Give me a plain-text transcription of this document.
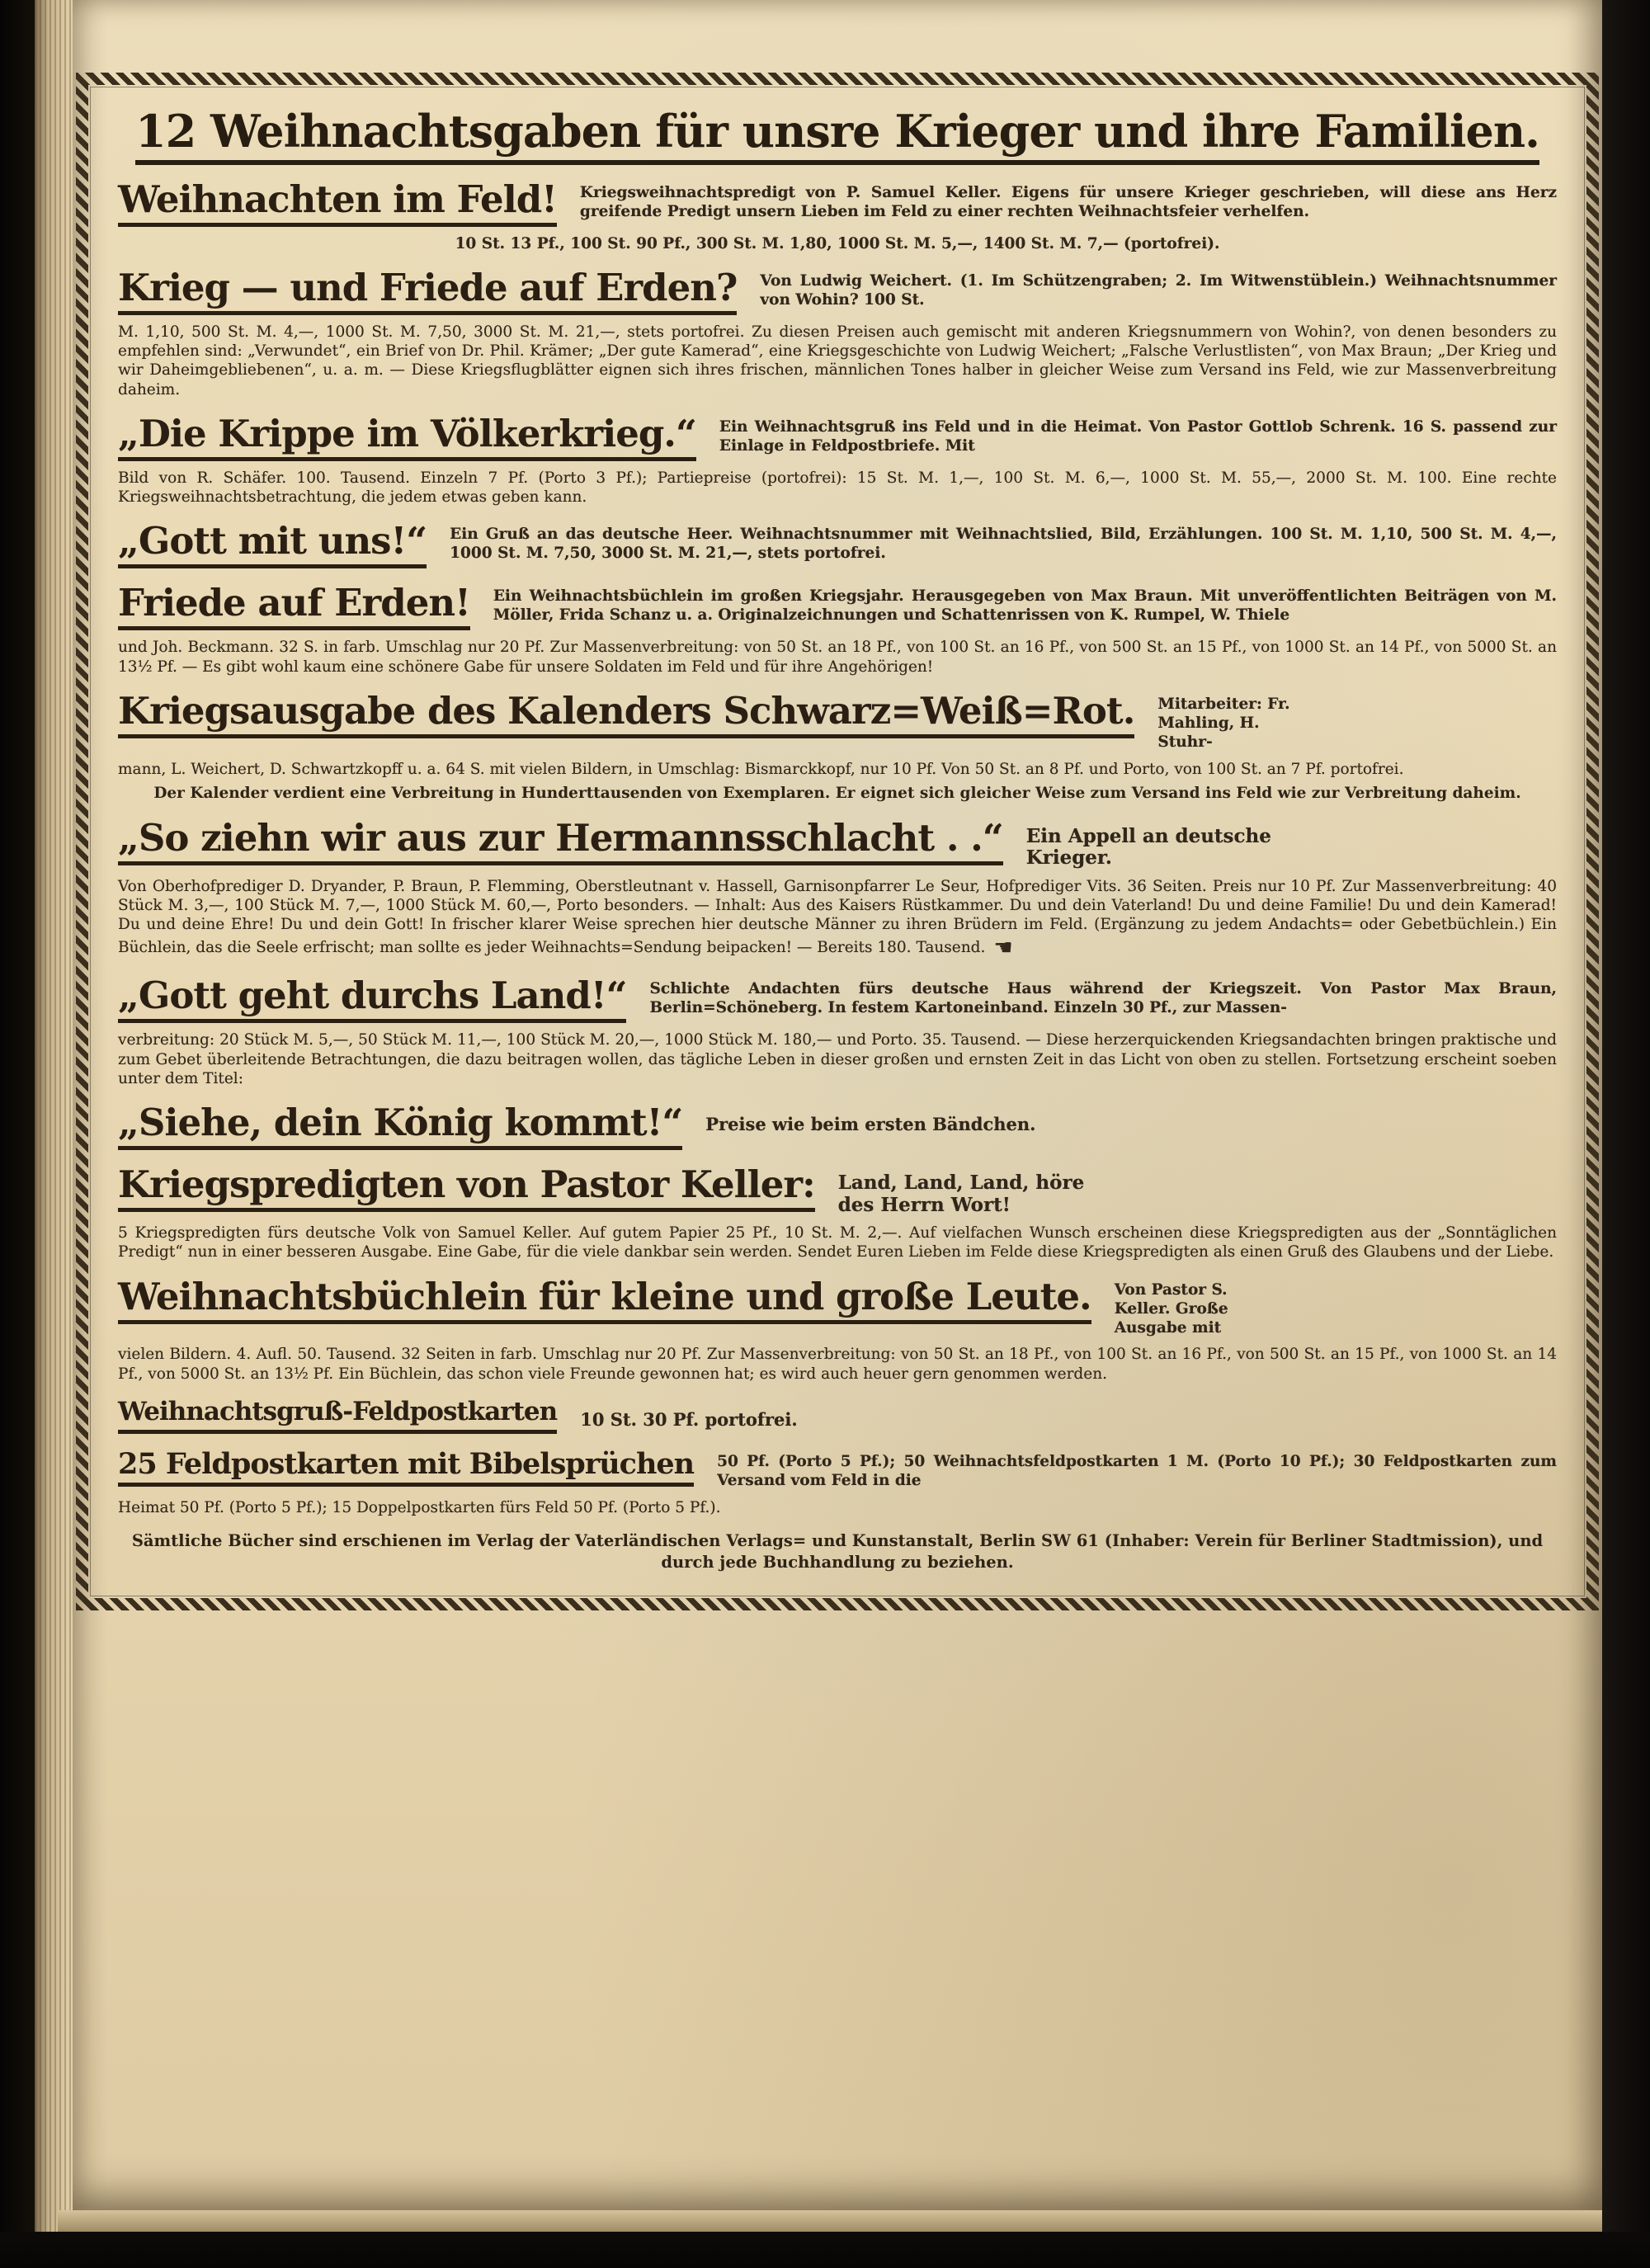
12 Weihnachtsgaben für unsre Krieger und ihre Familien.
Weihnachten im Feld! Kriegsweihnachtspredigt von P. Samuel Keller. Eigens für unsere Krieger geschrieben, will diese ans Herz greifende Predigt unsern Lieben im Feld zu einer rechten Weihnachtsfeier verhelfen.

10 St. 13 Pf., 100 St. 90 Pf., 300 St. M. 1,80, 1000 St. M. 5,—, 1400 St. M. 7,— (portofrei).

Krieg — und Friede auf Erden? Von Ludwig Weichert. (1. Im Schützengraben; 2. Im Witwenstüblein.) Weihnachtsnummer von Wohin? 100 St.

M. 1,10, 500 St. M. 4,—, 1000 St. M. 7,50, 3000 St. M. 21,—, stets portofrei. Zu diesen Preisen auch gemischt mit anderen Kriegsnummern von Wohin?, von denen besonders zu empfehlen sind: „Verwundet“, ein Brief von Dr. Phil. Krämer; „Der gute Kamerad“, eine Kriegsgeschichte von Ludwig Weichert; „Falsche Verlustlisten“, von Max Braun; „Der Krieg und wir Daheimgebliebenen“, u. a. m. — Diese Kriegsflugblätter eignen sich ihres frischen, männlichen Tones halber in gleicher Weise zum Versand ins Feld, wie zur Massenverbreitung daheim.

„Die Krippe im Völkerkrieg.“ Ein Weihnachtsgruß ins Feld und in die Heimat. Von Pastor Gottlob Schrenk. 16 S. passend zur Einlage in Feldpostbriefe. Mit

Bild von R. Schäfer. 100. Tausend. Einzeln 7 Pf. (Porto 3 Pf.); Partiepreise (portofrei): 15 St. M. 1,—, 100 St. M. 6,—, 1000 St. M. 55,—, 2000 St. M. 100. Eine rechte Kriegsweihnachtsbetrachtung, die jedem etwas geben kann.

„Gott mit uns!“ Ein Gruß an das deutsche Heer. Weihnachtsnummer mit Weihnachtslied, Bild, Erzählungen. 100 St. M. 1,10, 500 St. M. 4,—, 1000 St. M. 7,50, 3000 St. M. 21,—, stets portofrei.

Friede auf Erden! Ein Weihnachtsbüchlein im großen Kriegsjahr. Herausgegeben von Max Braun. Mit unveröffentlichten Beiträgen von M. Möller, Frida Schanz u. a. Originalzeichnungen und Schattenrissen von K. Rumpel, W. Thiele

und Joh. Beckmann. 32 S. in farb. Umschlag nur 20 Pf. Zur Massenverbreitung: von 50 St. an 18 Pf., von 100 St. an 16 Pf., von 500 St. an 15 Pf., von 1000 St. an 14 Pf., von 5000 St. an 13½ Pf. — Es gibt wohl kaum eine schönere Gabe für unsere Soldaten im Feld und für ihre Angehörigen!

Kriegsausgabe des Kalenders Schwarz=Weiß=Rot. Mitarbeiter: Fr. Mahling, H. Stuhr-

mann, L. Weichert, D. Schwartzkopff u. a. 64 S. mit vielen Bildern, in Umschlag: Bismarckkopf, nur 10 Pf. Von 50 St. an 8 Pf. und Porto, von 100 St. an 7 Pf. portofrei.

Der Kalender verdient eine Verbreitung in Hunderttausenden von Exemplaren. Er eignet sich gleicher Weise zum Versand ins Feld wie zur Verbreitung daheim.

„So ziehn wir aus zur Hermannsschlacht . .“ Ein Appell an deutsche Krieger.

Von Oberhofprediger D. Dryander, P. Braun, P. Flemming, Oberstleutnant v. Hassell, Garnisonpfarrer Le Seur, Hofprediger Vits. 36 Seiten. Preis nur 10 Pf. Zur Massenverbreitung: 40 Stück M. 3,—, 100 Stück M. 7,—, 1000 Stück M. 60,—, Porto besonders. — Inhalt: Aus des Kaisers Rüstkammer. Du und dein Vaterland! Du und deine Familie! Du und dein Kamerad! Du und deine Ehre! Du und dein Gott! In frischer klarer Weise sprechen hier deutsche Männer zu ihren Brüdern im Feld. (Ergänzung zu jedem Andachts= oder Gebetbüchlein.) Ein Büchlein, das die Seele erfrischt; man sollte es jeder Weihnachts=Sendung beipacken! — Bereits 180. Tausend. ☚

„Gott geht durchs Land!“ Schlichte Andachten fürs deutsche Haus während der Kriegszeit. Von Pastor Max Braun, Berlin=Schöneberg. In festem Kartoneinband. Einzeln 30 Pf., zur Massen-

verbreitung: 20 Stück M. 5,—, 50 Stück M. 11,—, 100 Stück M. 20,—, 1000 Stück M. 180,— und Porto. 35. Tausend. — Diese herzerquickenden Kriegsandachten bringen praktische und zum Gebet überleitende Betrachtungen, die dazu beitragen wollen, das tägliche Leben in dieser großen und ernsten Zeit in das Licht von oben zu stellen. Fortsetzung erscheint soeben unter dem Titel:

„Siehe, dein König kommt!“ Preise wie beim ersten Bändchen.

Kriegspredigten von Pastor Keller: Land, Land, Land, höre des Herrn Wort!

5 Kriegspredigten fürs deutsche Volk von Samuel Keller. Auf gutem Papier 25 Pf., 10 St. M. 2,—. Auf vielfachen Wunsch erscheinen diese Kriegspredigten aus der „Sonntäglichen Predigt“ nun in einer besseren Ausgabe. Eine Gabe, für die viele dankbar sein werden. Sendet Euren Lieben im Felde diese Kriegspredigten als einen Gruß des Glaubens und der Liebe.

Weihnachtsbüchlein für kleine und große Leute. Von Pastor S. Keller. Große Ausgabe mit

vielen Bildern. 4. Aufl. 50. Tausend. 32 Seiten in farb. Umschlag nur 20 Pf. Zur Massenverbreitung: von 50 St. an 18 Pf., von 100 St. an 16 Pf., von 500 St. an 15 Pf., von 1000 St. an 14 Pf., von 5000 St. an 13½ Pf. Ein Büchlein, das schon viele Freunde gewonnen hat; es wird auch heuer gern genommen werden.

Weihnachtsgruß-Feldpostkarten 10 St. 30 Pf. portofrei.

25 Feldpostkarten mit Bibelsprüchen 50 Pf. (Porto 5 Pf.); 50 Weihnachtsfeldpostkarten 1 M. (Porto 10 Pf.); 30 Feldpostkarten zum Versand vom Feld in die

Heimat 50 Pf. (Porto 5 Pf.); 15 Doppelpostkarten fürs Feld 50 Pf. (Porto 5 Pf.).

Sämtliche Bücher sind erschienen im Verlag der Vaterländischen Verlags= und Kunstanstalt, Berlin SW 61 (Inhaber: Verein für Berliner Stadtmission), und durch jede Buchhandlung zu beziehen.
